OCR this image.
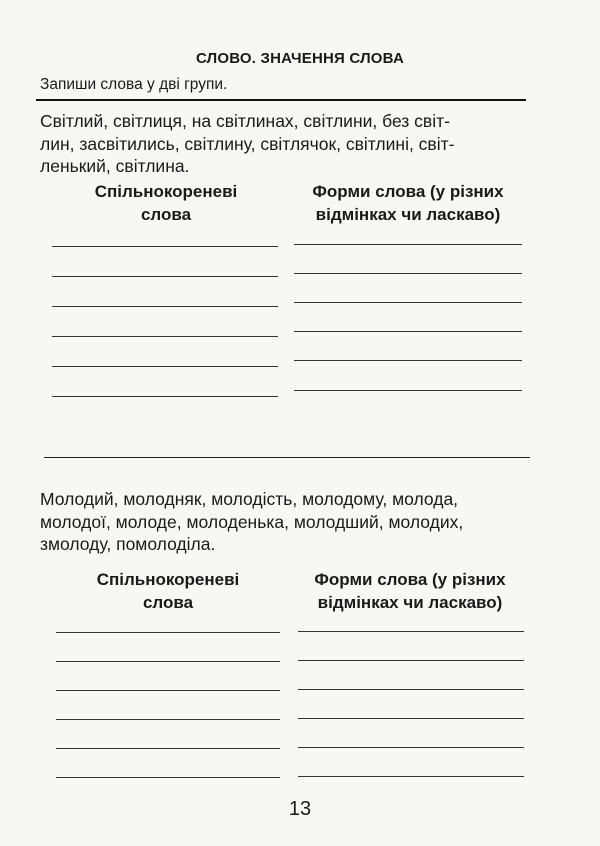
СЛОВО. ЗНАЧЕННЯ СЛОВА
Запиши слова у дві групи.

Світлий, світлиця, на світлинах, світлини, без світ-

лин, засвітились, світлину, світлячок, світлині, світ-

ленький, світлина.

Спільнокореневі

слова

Форми слова (у різних

відмінках чи ласкаво)

Молодий, молодняк, молодість, молодому, молода,

молодої, молоде, молоденька, молодший, молодих,

змолоду, помолоділа.

Спільнокореневі

слова

Форми слова (у різних

відмінках чи ласкаво)

13
